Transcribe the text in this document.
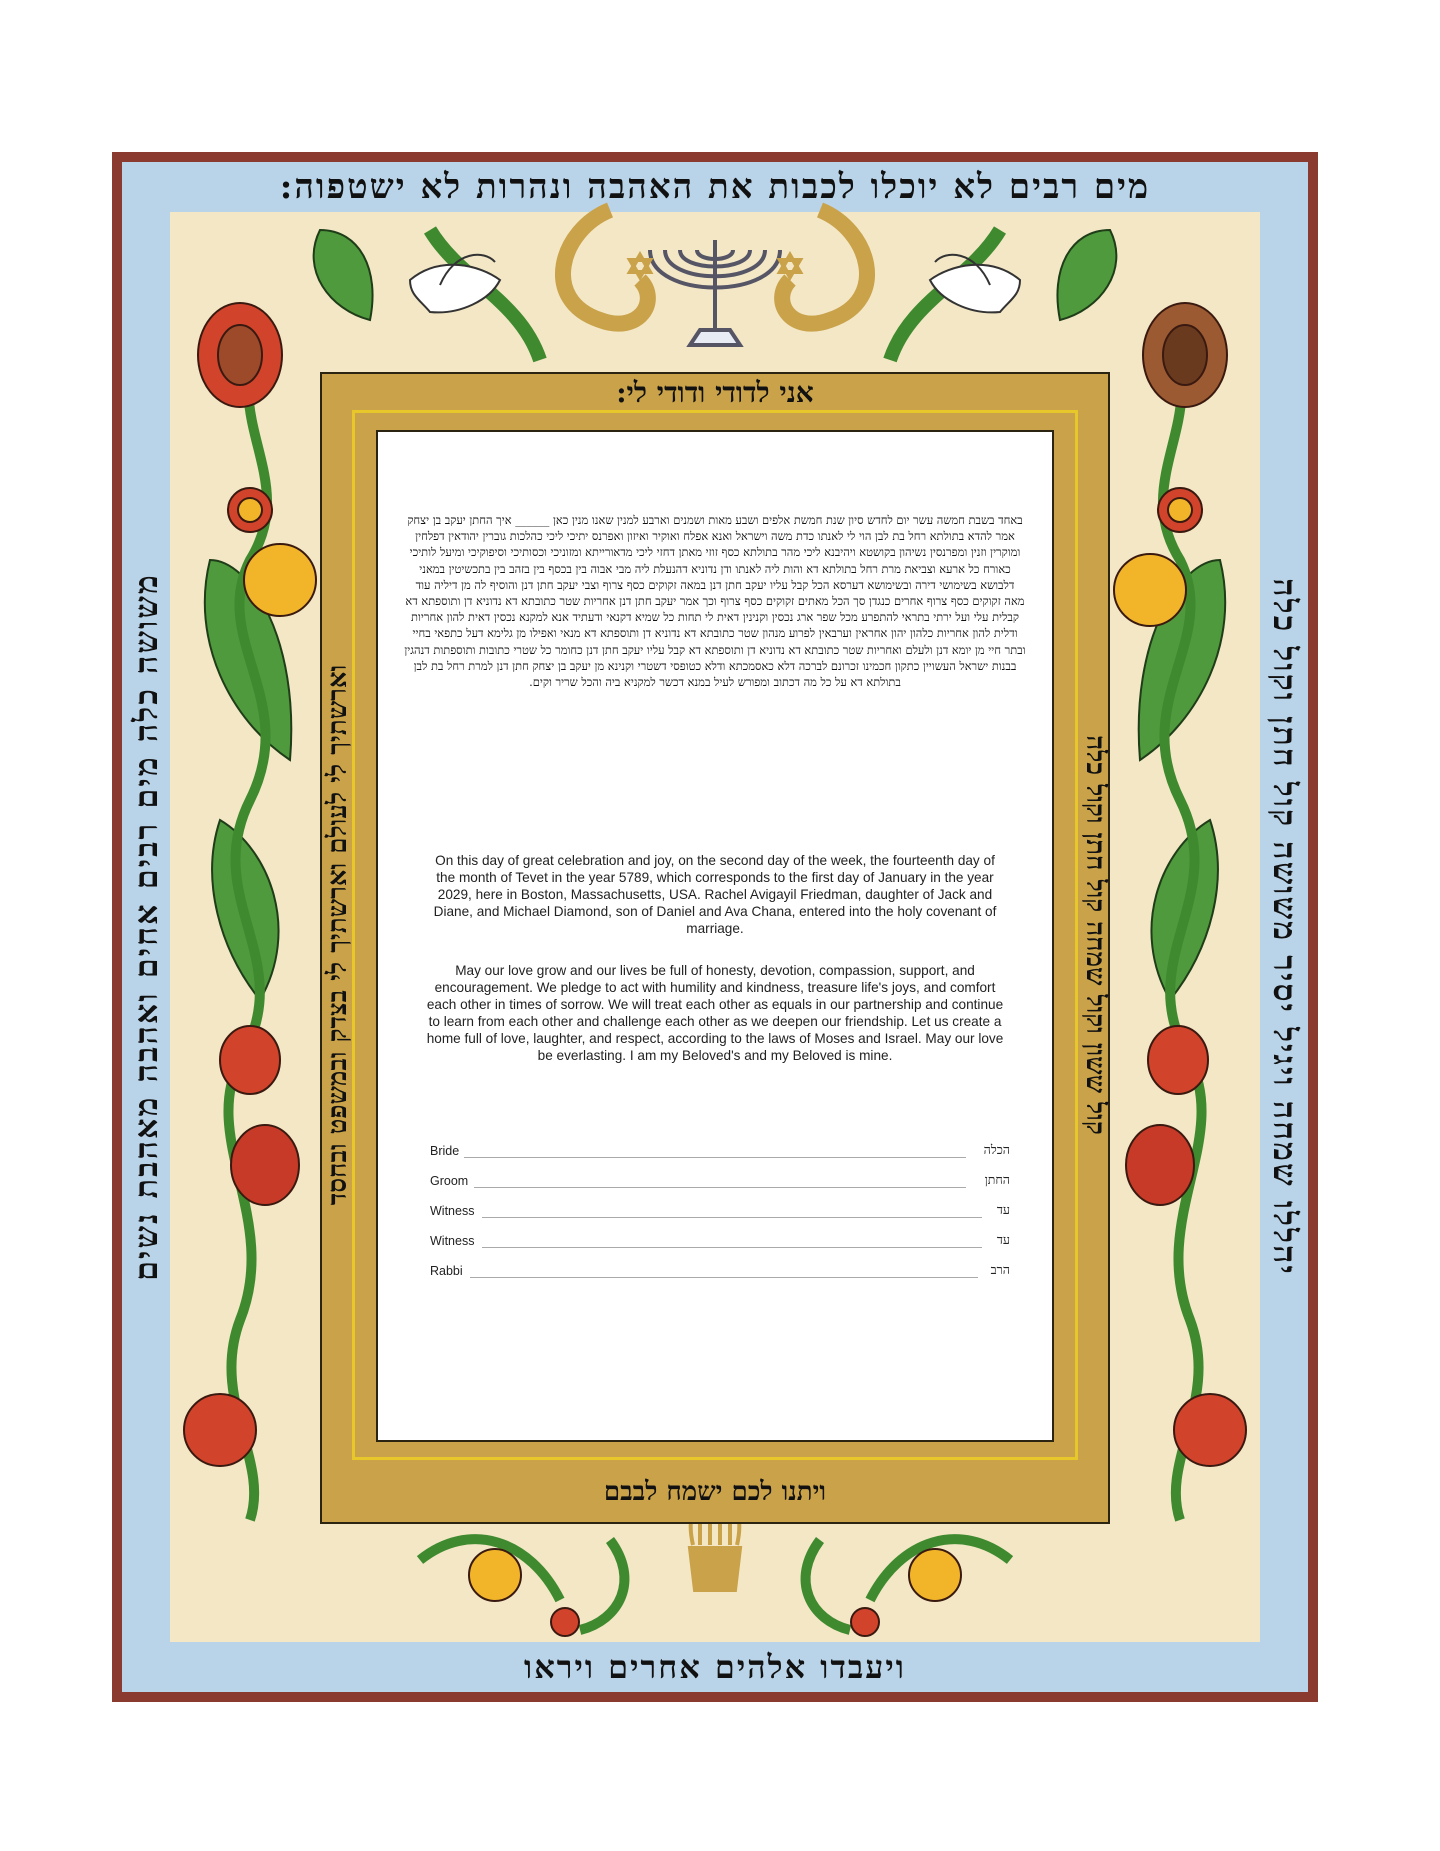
מים רבים לא יוכלו לכבות את האהבה ונהרות לא ישטפוה:
ויעבדו אלהים אחרים ויראו
משושה כלה מים רבים אחים ואהבה מאהבת נשים	יהללו שמחה ויגיל יסיר משושה קול חתן וקול כלה
אני לדודי ודודי לי:
ויתנו לכם ישמח לבבם
וארשתיך לי לעולם וארשתיך לי בצדק ובמשפט ובחסד	קול ששון וקול שמחה קול חתן וקול כלה
באחד בשבת חמשה עשר יום לחדש סיון שנת חמשת אלפים ושבע מאות ושמנים וארבע למנין שאנו מנין כאן ______ איך החתן יעקב בן יצחק אמר להדא בתולתא רחל בת לבן הוי לי לאנתו כדת משה וישראל ואנא אפלח ואוקיר ואיזון ואפרנס יתיכי ליכי כהלכות גוברין יהודאין דפלחין ומוקרין וזנין ומפרנסין נשיהון בקושטא ויהיבנא ליכי מהר בתולתא כסף זוזי מאתן דחזי ליכי מדאורייתא ומזוניכי וכסותיכי וסיפוקיכי ומיעל לותיכי כאורח כל ארעא וצביאת מרת רחל בתולתא דא והות ליה לאנתו ודן נדוניא דהנעלת ליה מבי אבוה בין בכסף בין בזהב בין בתכשיטין במאני דלבושא בשימושי דירה ובשימושא דערסא הכל קבל עליו יעקב חתן דנן במאה זקוקים כסף צרוף וצבי יעקב חתן דנן והוסיף לה מן דיליה עוד מאה זקוקים כסף צרוף אחרים כנגדן סך הכל מאתים זקוקים כסף צרוף וכך אמר יעקב חתן דנן אחריות שטר כתובתא דא נדוניא דן ותוספתא דא קבלית עלי ועל ירתי בתראי להתפרע מכל שפר ארג נכסין וקנינין דאית לי תחות כל שמיא דקנאי ודעתיד אנא למקנא נכסין דאית להון אחריות ודלית להון אחריות כלהון יהון אחראין וערבאין לפרוע מנהון שטר כתובתא דא נדוניא דן ותוספתא דא מנאי ואפילו מן גלימא דעל כתפאי בחיי ובתר חיי מן יומא דנן ולעלם ואחריות שטר כתובתא דא נדוניא דן ותוספתא דא קבל עליו יעקב חתן דנן כחומר כל שטרי כתובות ותוספתות דנהגין בבנות ישראל העשויין כתקון חכמינו זכרונם לברכה דלא כאסמכתא ודלא כטופסי דשטרי וקנינא מן יעקב בן יצחק חתן דנן למרת רחל בת לבן בתולתא דא על כל מה דכתוב ומפורש לעיל במנא דכשר למקניא ביה והכל שריר וקים.
On this day of great celebration and joy, on the second day of the week, the fourteenth day of the month of Tevet in the year 5789, which corresponds to the first day of January in the year 2029, here in Boston, Massachusetts, USA. Rachel Avigayil Friedman, daughter of Jack and Diane, and Michael Diamond, son of Daniel and Ava Chana, entered into the holy covenant of marriage.
May our love grow and our lives be full of honesty, devotion, compassion, support, and encouragement. We pledge to act with humility and kindness, treasure life's joys, and comfort each other in times of sorrow. We will treat each other as equals in our partnership and continue to learn from each other and challenge each other as we deepen our friendship. Let us create a home full of love, laughter, and respect, according to the laws of Moses and Israel. May our love be everlasting. I am my Beloved's and my Beloved is mine.
Bride	הכלה
Groom	החתן
Witness	עד
Witness	עד
Rabbi	הרב
